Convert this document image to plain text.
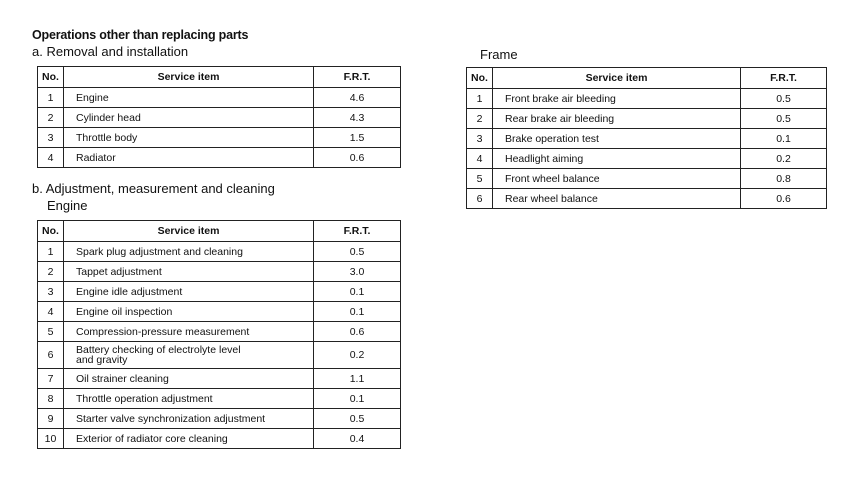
Operations other than replacing parts
a. Removal and installation
No.	Service item	F.R.T.
1	Engine	4.6
2	Cylinder head	4.3
3	Throttle body	1.5
4	Radiator	0.6
b. Adjustment, measurement and cleaning
Engine
No.	Service item	F.R.T.
1	Spark plug adjustment and cleaning	0.5
2	Tappet adjustment	3.0
3	Engine idle adjustment	0.1
4	Engine oil inspection	0.1
5	Compression-pressure measurement	0.6
6	Battery checking of electrolyte level and gravity	0.2
7	Oil strainer cleaning	1.1
8	Throttle operation adjustment	0.1
9	Starter valve synchronization adjustment	0.5
10	Exterior of radiator core cleaning	0.4
Frame
No.	Service item	F.R.T.
1	Front brake air bleeding	0.5
2	Rear brake air bleeding	0.5
3	Brake operation test	0.1
4	Headlight aiming	0.2
5	Front wheel balance	0.8
6	Rear wheel balance	0.6
